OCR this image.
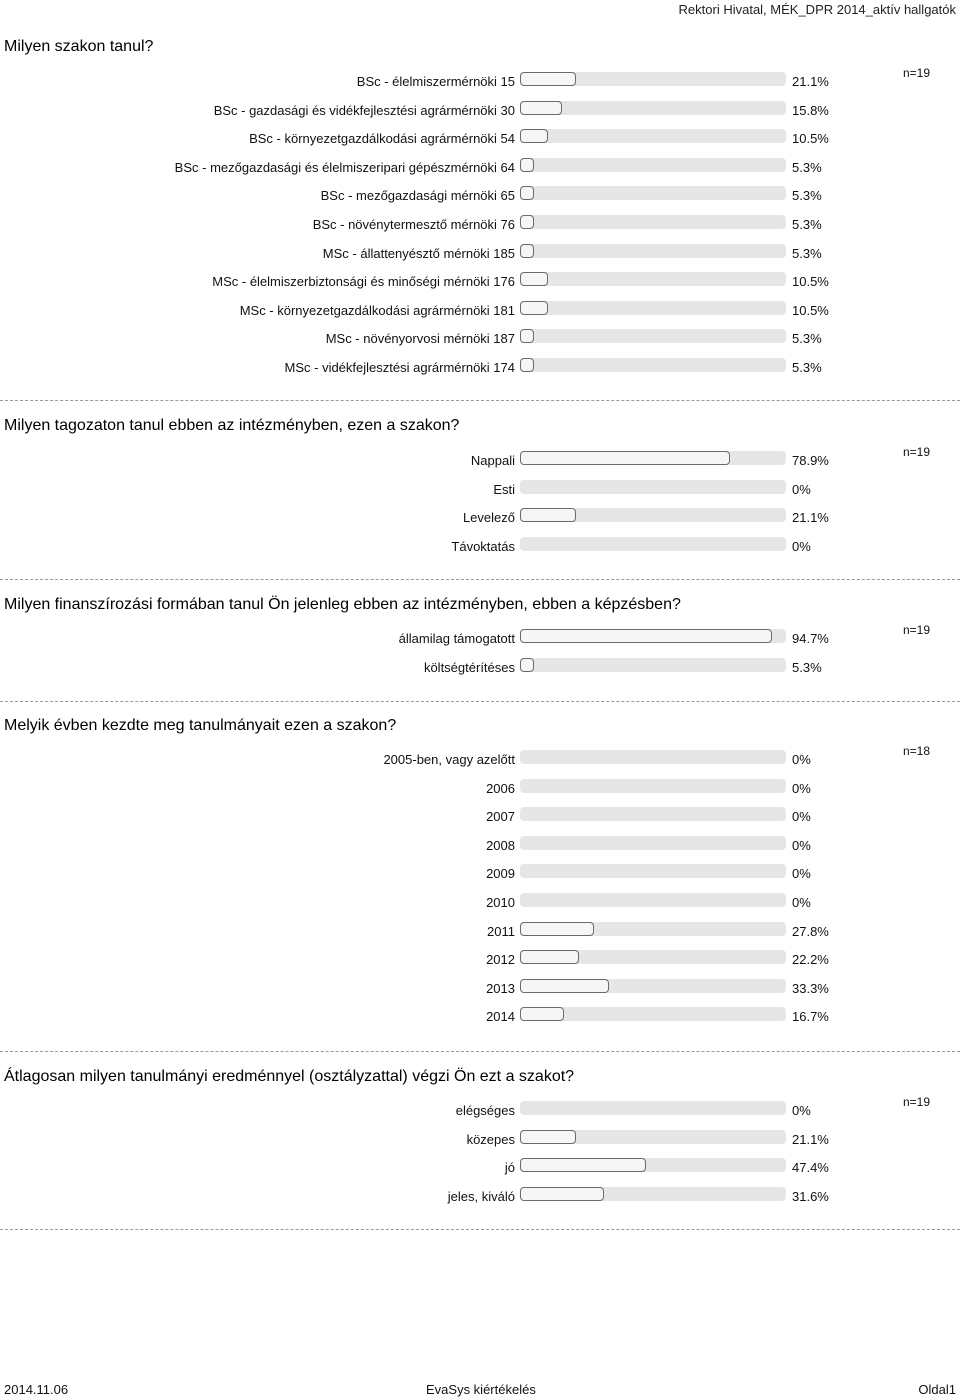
Rektori Hivatal, MÉK_DPR 2014_aktív hallgatók
Milyen szakon tanul?
n=19
BSc - élelmiszermérnöki 15	21.1%
BSc - gazdasági és vidékfejlesztési agrármérnöki 30	15.8%
BSc - környezetgazdálkodási agrármérnöki 54	10.5%
BSc - mezőgazdasági és élelmiszeripari gépészmérnöki 64	5.3%
BSc - mezőgazdasági mérnöki 65	5.3%
BSc - növénytermesztő mérnöki 76	5.3%
MSc - állattenyésztő mérnöki 185	5.3%
MSc - élelmiszerbiztonsági és minőségi mérnöki 176	10.5%
MSc - környezetgazdálkodási agrármérnöki 181	10.5%
MSc - növényorvosi mérnöki 187	5.3%
MSc - vidékfejlesztési agrármérnöki 174	5.3%
Milyen tagozaton tanul ebben az intézményben, ezen a szakon?
n=19
Nappali	78.9%
Esti	0%
Levelező	21.1%
Távoktatás	0%
Milyen finanszírozási formában tanul Ön jelenleg ebben az intézményben, ebben a képzésben?
n=19
államilag támogatott	94.7%
költségtérítéses	5.3%
Melyik évben kezdte meg tanulmányait ezen a szakon?
n=18
2005-ben, vagy azelőtt	0%
2006	0%
2007	0%
2008	0%
2009	0%
2010	0%
2011	27.8%
2012	22.2%
2013	33.3%
2014	16.7%
Átlagosan milyen tanulmányi eredménnyel (osztályzattal) végzi Ön ezt a szakot?
n=19
elégséges	0%
közepes	21.1%
jó	47.4%
jeles, kiváló	31.6%
2014.11.06	EvaSys kiértékelés	Oldal1
